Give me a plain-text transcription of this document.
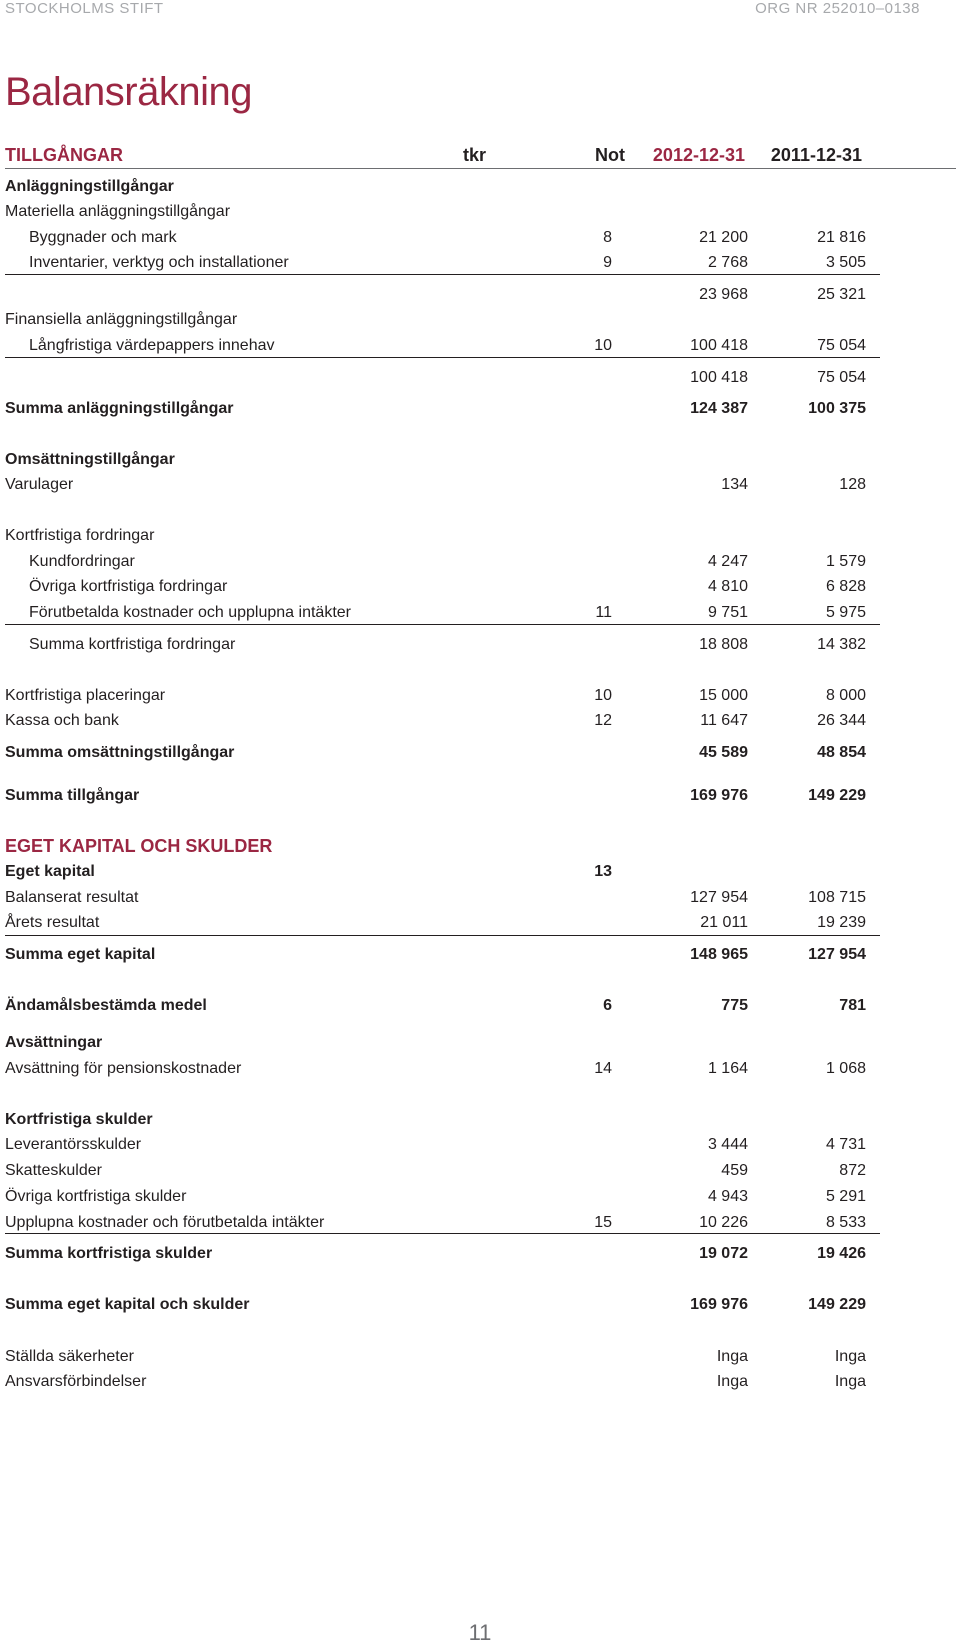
STOCKHOLMS STIFT	ORG NR 252010–0138
Balansräkning
TILLGÅNGAR	tkr	Not 2012-12-31 2011-12-31
Anläggningstillgångar
Materiella anläggningstillgångar
Byggnader och mark	8	21 200	21 816
Inventarier, verktyg och installationer	9	2 768	3 505
23 968	25 321
Finansiella anläggningstillgångar
Långfristiga värdepappers innehav	10	100 418	75 054
100 418	75 054
Summa anläggningstillgångar	124 387	100 375
Omsättningstillgångar
Varulager	134	128
Kortfristiga fordringar
Kundfordringar	4 247	1 579
Övriga kortfristiga fordringar	4 810	6 828
Förutbetalda kostnader och upplupna intäkter	11	9 751	5 975
Summa kortfristiga fordringar	18 808	14 382
Kortfristiga placeringar	10	15 000	8 000
Kassa och bank	12	11 647	26 344
Summa omsättningstillgångar	45 589	48 854
Summa tillgångar	169 976	149 229
EGET KAPITAL OCH SKULDER
Eget kapital	13
Balanserat resultat	127 954	108 715
Årets resultat	21 011	19 239
Summa eget kapital	148 965	127 954
Ändamålsbestämda medel	6	775	781
Avsättningar
Avsättning för pensionskostnader	14	1 164	1 068
Kortfristiga skulder
Leverantörsskulder	3 444	4 731
Skatteskulder	459	872
Övriga kortfristiga skulder	4 943	5 291
Upplupna kostnader och förutbetalda intäkter	15	10 226	8 533
Summa kortfristiga skulder	19 072	19 426
Summa eget kapital och skulder	169 976	149 229
Ställda säkerheter	Inga	Inga
Ansvarsförbindelser	Inga	Inga
11
